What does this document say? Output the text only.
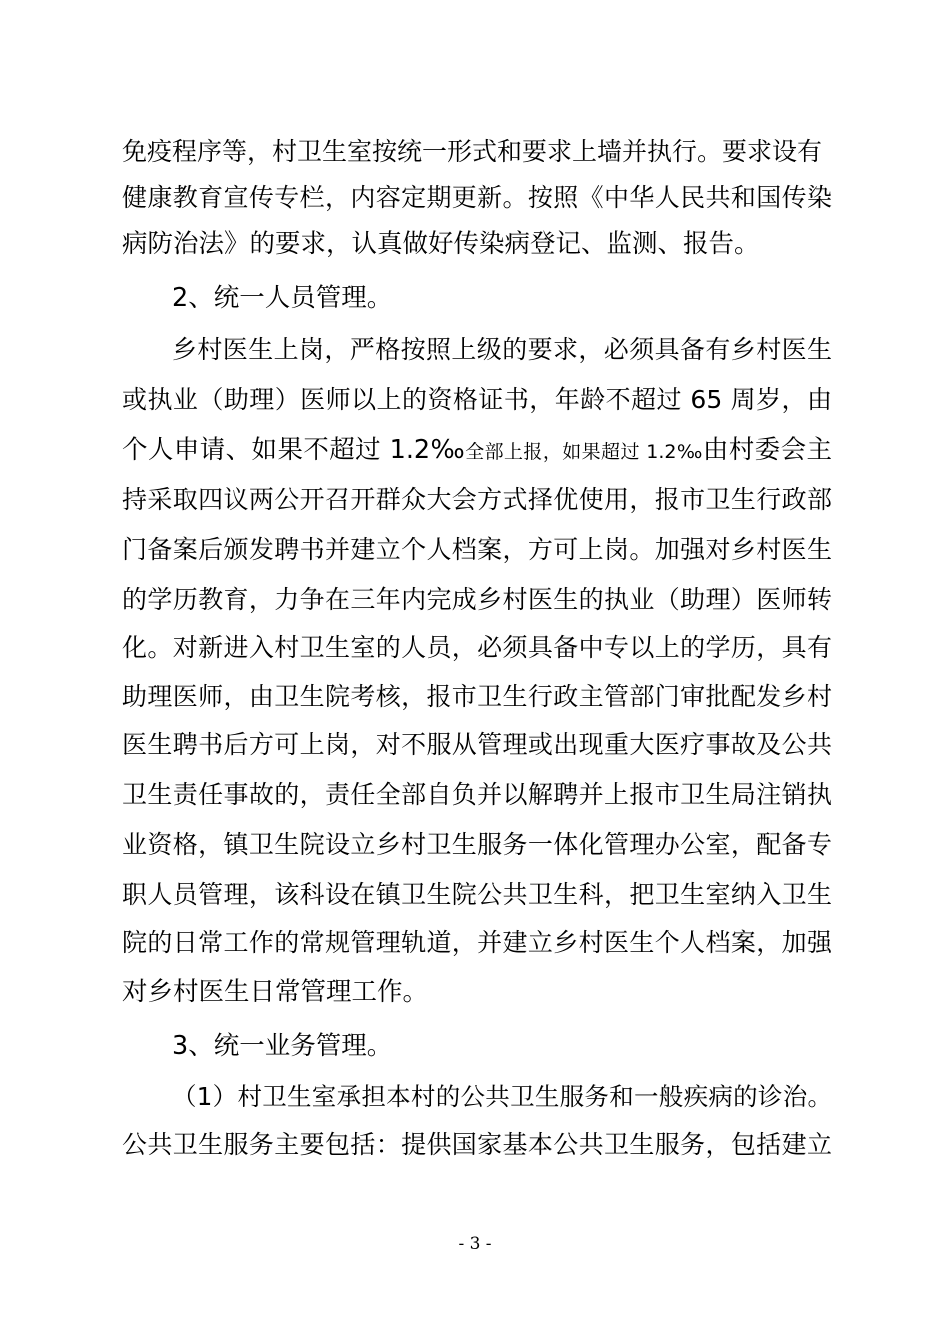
免疫程序等，村卫生室按统一形式和要求上墙并执行。要求设有
健康教育宣传专栏，内容定期更新。按照《中华人民共和国传染
病防治法》的要求，认真做好传染病登记、监测、报告。
2、统一人员管理。
乡村医生上岗，严格按照上级的要求，必须具备有乡村医生
或执业（助理）医师以上的资格证书，年龄不超过 65 周岁，由
个人申请、如果不超过 1.2‰全部上报，如果超过 1.2‰由村委会主
持采取四议两公开召开群众大会方式择优使用，报市卫生行政部
门备案后颁发聘书并建立个人档案，方可上岗。加强对乡村医生
的学历教育，力争在三年内完成乡村医生的执业（助理）医师转
化。对新进入村卫生室的人员，必须具备中专以上的学历，具有
助理医师，由卫生院考核，报市卫生行政主管部门审批配发乡村
医生聘书后方可上岗，对不服从管理或出现重大医疗事故及公共
卫生责任事故的，责任全部自负并以解聘并上报市卫生局注销执
业资格，镇卫生院设立乡村卫生服务一体化管理办公室，配备专
职人员管理，该科设在镇卫生院公共卫生科，把卫生室纳入卫生
院的日常工作的常规管理轨道，并建立乡村医生个人档案，加强
对乡村医生日常管理工作。
3、统一业务管理。
（1）村卫生室承担本村的公共卫生服务和一般疾病的诊治。
公共卫生服务主要包括：提供国家基本公共卫生服务，包括建立
- 3 -
